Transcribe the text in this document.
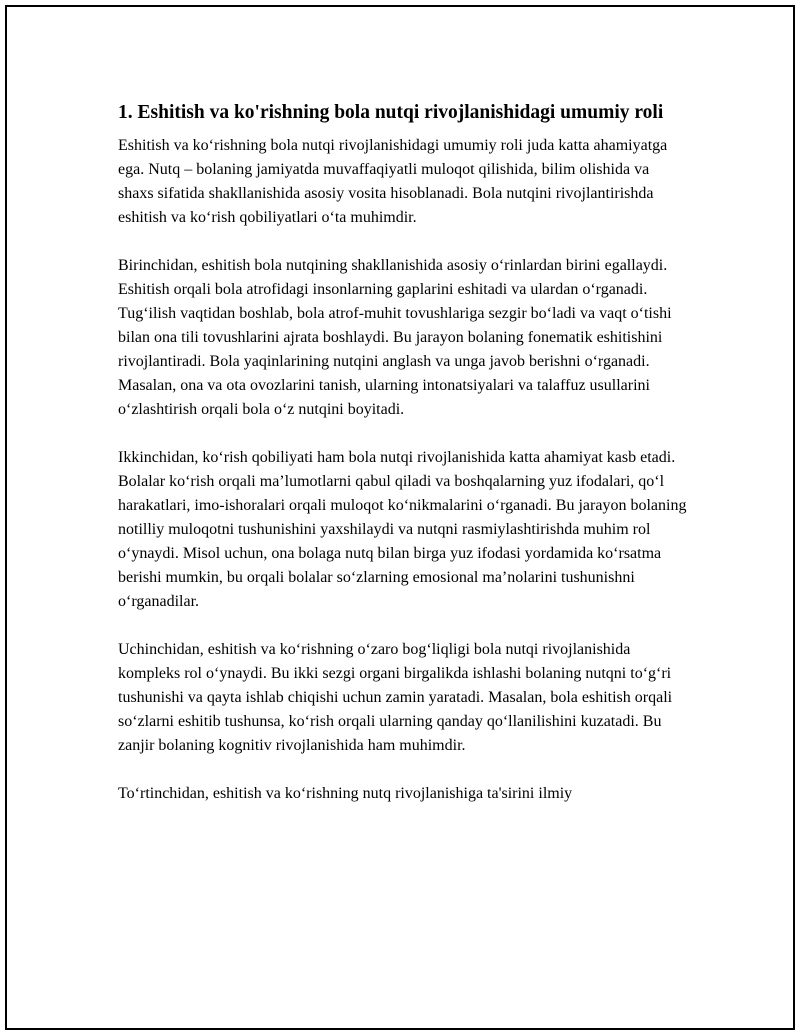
1. Eshitish va ko'rishning bola nutqi rivojlanishidagi umumiy roli

Eshitish va ko‘rishning bola nutqi rivojlanishidagi umumiy roli juda katta ahamiyatga ega. Nutq – bolaning jamiyatda muvaffaqiyatli muloqot qilishida, bilim olishida va shaxs sifatida shakllanishida asosiy vosita hisoblanadi. Bola nutqini rivojlantirishda eshitish va ko‘rish qobiliyatlari o‘ta muhimdir.

Birinchidan, eshitish bola nutqining shakllanishida asosiy o‘rinlardan birini egallaydi. Eshitish orqali bola atrofidagi insonlarning gaplarini eshitadi va ulardan o‘rganadi. Tug‘ilish vaqtidan boshlab, bola atrof-muhit tovushlariga sezgir bo‘ladi va vaqt o‘tishi bilan ona tili tovushlarini ajrata boshlaydi. Bu jarayon bolaning fonematik eshitishini rivojlantiradi. Bola yaqinlarining nutqini anglash va unga javob berishni o‘rganadi. Masalan, ona va ota ovozlarini tanish, ularning intonatsiyalari va talaffuz usullarini o‘zlashtirish orqali bola o‘z nutqini boyitadi.

Ikkinchidan, ko‘rish qobiliyati ham bola nutqi rivojlanishida katta ahamiyat kasb etadi. Bolalar ko‘rish orqali ma’lumotlarni qabul qiladi va boshqalarning yuz ifodalari, qo‘l harakatlari, imo-ishoralari orqali muloqot ko‘nikmalarini o‘rganadi. Bu jarayon bolaning notilliy muloqotni tushunishini yaxshilaydi va nutqni rasmiylashtirishda muhim rol o‘ynaydi. Misol uchun, ona bolaga nutq bilan birga yuz ifodasi yordamida ko‘rsatma berishi mumkin, bu orqali bolalar so‘zlarning emosional ma’nolarini tushunishni o‘rganadilar.

Uchinchidan, eshitish va ko‘rishning o‘zaro bog‘liqligi bola nutqi rivojlanishida kompleks rol o‘ynaydi. Bu ikki sezgi organi birgalikda ishlashi bolaning nutqni to‘g‘ri tushunishi va qayta ishlab chiqishi uchun zamin yaratadi. Masalan, bola eshitish orqali so‘zlarni eshitib tushunsa, ko‘rish orqali ularning qanday qo‘llanilishini kuzatadi. Bu zanjir bolaning kognitiv rivojlanishida ham muhimdir.

To‘rtinchidan, eshitish va ko‘rishning nutq rivojlanishiga ta'sirini ilmiy
